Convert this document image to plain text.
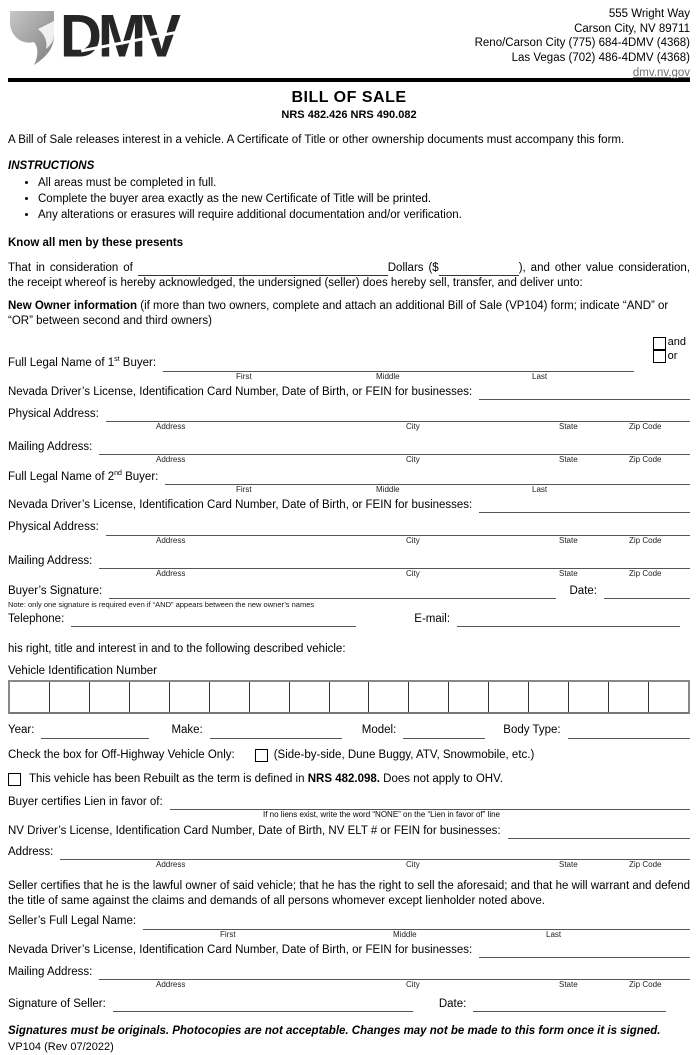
DMV	555 Wright Way
Carson City, NV 89711
Reno/Carson City (775) 684-4DMV (4368)
Las Vegas (702) 486-4DMV (4368)
dmv.nv.gov
BILL OF SALE
NRS 482.426 NRS 490.082

A Bill of Sale releases interest in a vehicle. A Certificate of Title or other ownership documents must accompany this form.

INSTRUCTIONS
• All areas must be completed in full.
• Complete the buyer area exactly as the new Certificate of Title will be printed.
• Any alterations or erasures will require additional documentation and/or verification.
Know all men by these presents

That in consideration of	Dollars ($	), and other value consideration, the receipt whereof is hereby acknowledged, the undersigned (seller) does hereby sell, transfer, and deliver unto:

New Owner information (if more than two owners, complete and attach an additional Bill of Sale (VP104) form; indicate “AND” or “OR” between second and third owners)

and
or
Full Legal Name of 1st Buyer:
First	Middle	Last
Nevada Driver’s License, Identification Card Number, Date of Birth, or FEIN for businesses:
Physical Address:
Address	City	State	Zip Code
Mailing Address:
Address	City	State	Zip Code
Full Legal Name of 2nd Buyer:
First	Middle	Last
Nevada Driver’s License, Identification Card Number, Date of Birth, or FEIN for businesses:
Physical Address:
Address	City	State	Zip Code
Mailing Address:
Address	City	State	Zip Code
Buyer’s Signature:	Date:
Note: only one signature is required even if “AND” appears between the new owner’s names
Telephone:	E-mail:
his right, title and interest in and to the following described vehicle:
Vehicle Identification Number
Year:	Make:	Model:	Body Type:
Check the box for Off-Highway Vehicle Only:	(Side-by-side, Dune Buggy, ATV, Snowmobile, etc.)
This vehicle has been Rebuilt as the term is defined in NRS 482.098. Does not apply to OHV.
Buyer certifies Lien in favor of:
If no liens exist, write the word “NONE” on the “Lien in favor of” line
NV Driver’s License, Identification Card Number, Date of Birth, NV ELT # or FEIN for businesses:
Address:
Address	City	State	Zip Code

Seller certifies that he is the lawful owner of said vehicle; that he has the right to sell the aforesaid; and that he will warrant and defend the title of same against the claims and demands of all persons whomever except lienholder noted above.

Seller’s Full Legal Name:
First	Middle	Last
Nevada Driver’s License, Identification Card Number, Date of Birth, or FEIN for businesses:
Mailing Address:
Address	City	State	Zip Code
Signature of Seller:	Date:
Signatures must be originals. Photocopies are not acceptable. Changes may not be made to this form once it is signed.
VP104 (Rev 07/2022)
